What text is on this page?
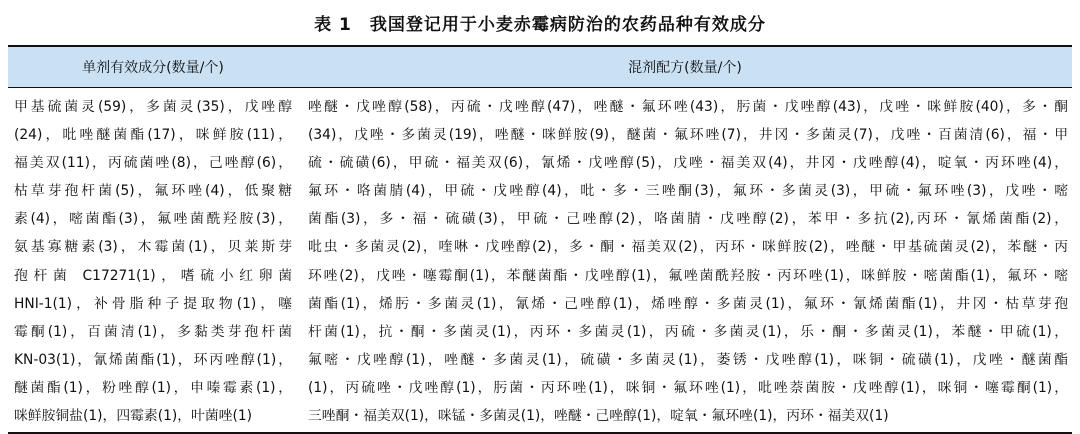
表 1　我国登记用于小麦赤霉病防治的农药品种有效成分
单剂有效成分(数量/个)	混剂配方(数量/个)
甲基硫菌灵(59)，多菌灵(35)，戊唑醇
(24)，吡唑醚菌酯(17)，咪鲜胺(11)，
福美双(11)，丙硫菌唑(8)，己唑醇(6)，
枯草芽孢杆菌(5)，氟环唑(4)，低聚糖
素(4)，嘧菌酯(3)，氟唑菌酰羟胺(3)，
氨基寡糖素(3)，木霉菌(1)，贝莱斯芽
孢杆菌 C17271(1)，嗜硫小红卵菌
HNI-1(1)，补骨脂种子提取物(1)，噻
霉酮(1)，百菌清(1)，多黏类芽孢杆菌
KN-03(1)，氰烯菌酯(1)，环丙唑醇(1)，
醚菌酯(1)，粉唑醇(1)，申嗪霉素(1)，
咪鲜胺铜盐(1)，四霉素(1)，叶菌唑(1)
唑醚・戊唑醇(58)，丙硫・戊唑醇(47)，唑醚・氟环唑(43)，肟菌・戊唑醇(43)，戊唑・咪鲜胺(40)，多・酮
(34)，戊唑・多菌灵(19)，唑醚・咪鲜胺(9)，醚菌・氟环唑(7)，井冈・多菌灵(7)，戊唑・百菌清(6)，福・甲
硫・硫磺(6)，甲硫・福美双(6)，氰烯・戊唑醇(5)，戊唑・福美双(4)，井冈・戊唑醇(4)，啶氧・丙环唑(4)，
氟环・咯菌腈(4)，甲硫・戊唑醇(4)，吡・多・三唑酮(3)，氟环・多菌灵(3)，甲硫・氟环唑(3)，戊唑・嘧
菌酯(3)，多・福・硫磺(3)，甲硫・己唑醇(2)，咯菌腈・戊唑醇(2)，苯甲・多抗(2),丙环・氰烯菌酯(2)，
吡虫・多菌灵(2)，喹啉・戊唑醇(2)，多・酮・福美双(2)，丙环・咪鲜胺(2)，唑醚・甲基硫菌灵(2)，苯醚・丙
环唑(2)，戊唑・噻霉酮(1)，苯醚菌酯・戊唑醇(1)，氟唑菌酰羟胺・丙环唑(1)，咪鲜胺・嘧菌酯(1)，氟环・嘧
菌酯(1)，烯肟・多菌灵(1)，氰烯・己唑醇(1)，烯唑醇・多菌灵(1)，氟环・氰烯菌酯(1)，井冈・枯草芽孢
杆菌(1)，抗・酮・多菌灵(1)，丙环・多菌灵(1)，丙硫・多菌灵(1)，乐・酮・多菌灵(1)，苯醚・甲硫(1)，
氟嘧・戊唑醇(1)，唑醚・多菌灵(1)，硫磺・多菌灵(1)，萎锈・戊唑醇(1)，咪铜・硫磺(1)，戊唑・醚菌酯
(1)，丙硫唑・戊唑醇(1)，肟菌・丙环唑(1)，咪铜・氟环唑(1)，吡唑萘菌胺・戊唑醇(1)，咪铜・噻霉酮(1)，
三唑酮・福美双(1)，咪锰・多菌灵(1)，唑醚・己唑醇(1)，啶氧・氟环唑(1)，丙环・福美双(1)
